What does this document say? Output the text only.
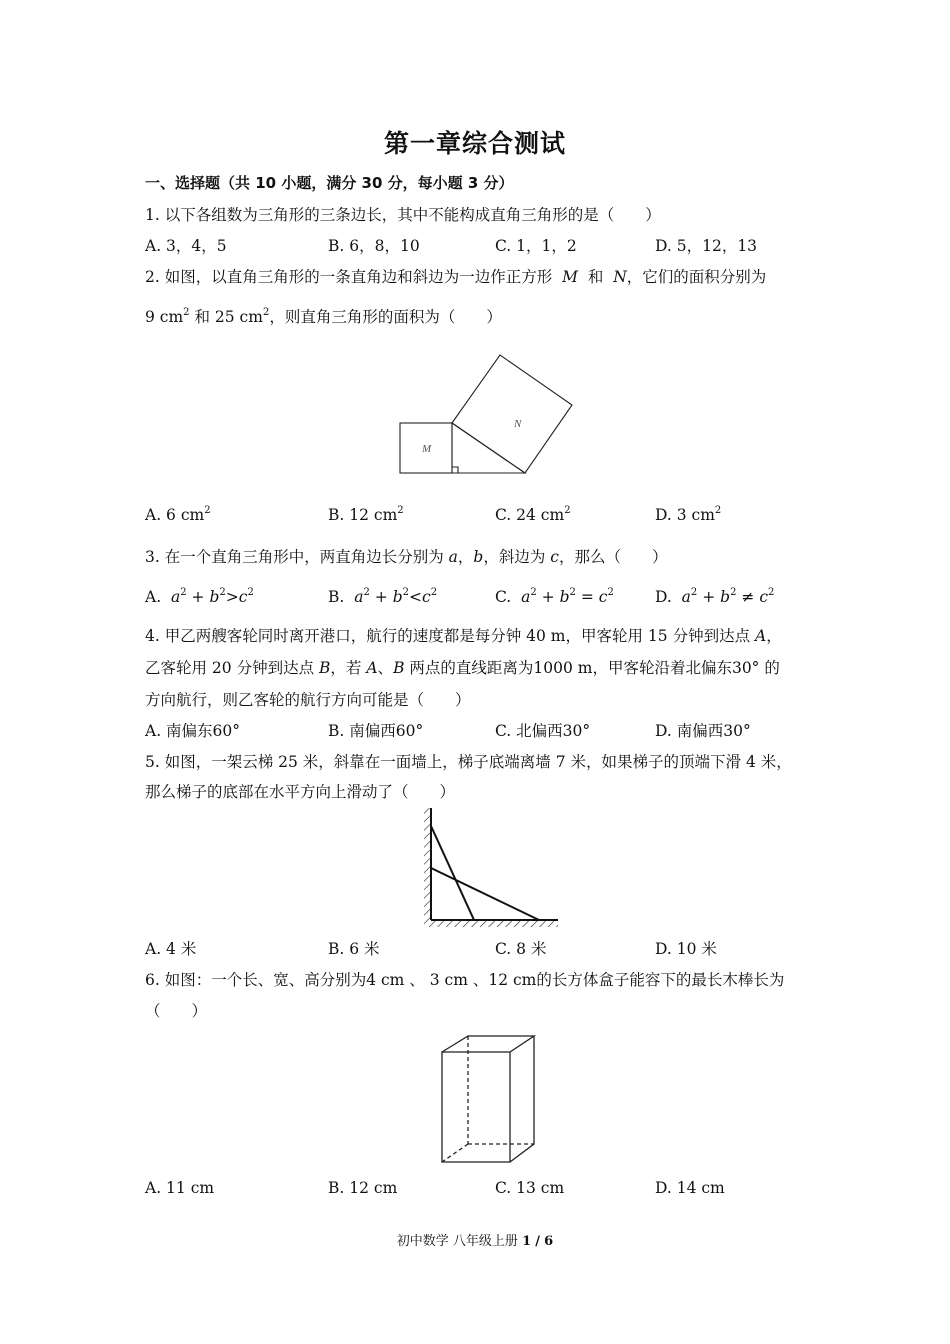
第一章综合测试
一、选择题（共 10 小题，满分 30 分，每小题 3 分）
1. 以下各组数为三角形的三条边长，其中不能构成直角三角形的是（　　）
A. 3，4，5	B. 6，8，10	C. 1，1，2	D. 5，12，13
2. 如图，以直角三角形的一条直角边和斜边为一边作正方形 M 和 N，它们的面积分别为
9 $cm^2$ 和 25 $cm^2$，则直角三角形的面积为（　　）
M
N
A. 6 $cm^2$	B. 12 $cm^2$	C. 24 $cm^2$	D. 3 $cm^2$
3. 在一个直角三角形中，两直角边长分别为 a，b，斜边为 c，那么（　　）
A. $a^2 + b^2>c^2$	B. $a^2 + b^2<c^2$	C. $a^2 + b^2 = c^2$	D. $a^2 + b^2 \ne c^2$
4. 甲乙两艘客轮同时离开港口，航行的速度都是每分钟 40 m，甲客轮用 15 分钟到达点 A，
乙客轮用 20 分钟到达点 B，若 A、B 两点的直线距离为1000 m，甲客轮沿着北偏东30° 的
方向航行，则乙客轮的航行方向可能是（　　）
A. 南偏东60°	B. 南偏西60°	C. 北偏西30°	D. 南偏西30°
5. 如图，一架云梯 25 米，斜靠在一面墙上，梯子底端离墙 7 米，如果梯子的顶端下滑 4 米，
那么梯子的底部在水平方向上滑动了（　　）
A. 4 米	B. 6 米	C. 8 米	D. 10 米
6. 如图：一个长、宽、高分别为4 cm 、 3 cm 、12 cm的长方体盒子能容下的最长木棒长为
（　　）
A. 11 cm	B. 12 cm	C. 13 cm	D. 14 cm
初中数学 八年级上册 1 / 6
